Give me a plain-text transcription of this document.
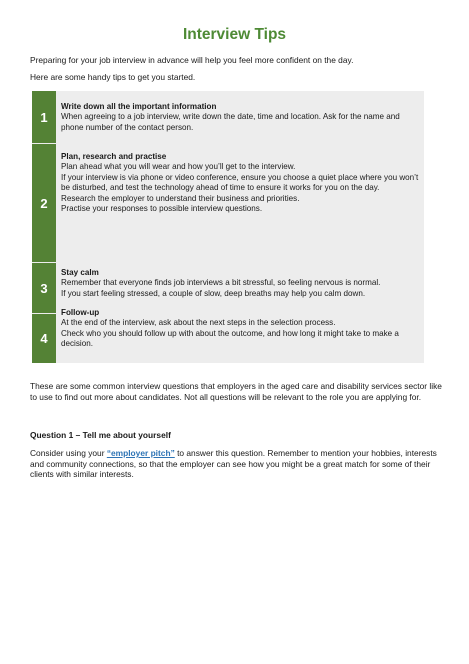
Interview Tips

Preparing for your job interview in advance will help you feel more confident on the day.

Here are some handy tips to get you started.

1
Write down all the important information
When agreeing to a job interview, write down the date, time and location. Ask for the name and phone number of the contact person.
2
Plan, research and practise
Plan ahead what you will wear and how you’ll get to the interview.
If your interview is via phone or video conference, ensure you choose a quiet place where you won’t be disturbed, and test the technology ahead of time to ensure it works for you on the day.
Research the employer to understand their business and priorities.
Practise your responses to possible interview questions.
3
Stay calm
Remember that everyone finds job interviews a bit stressful, so feeling nervous is normal.
If you start feeling stressed, a couple of slow, deep breaths may help you calm down.
4
Follow-up
At the end of the interview, ask about the next steps in the selection process.
Check who you should follow up with about the outcome, and how long it might take to make a decision.

These are some common interview questions that employers in the aged care and disability services sector like to use to find out more about candidates. Not all questions will be relevant to the role you are applying for.

Question 1 – Tell me about yourself

Consider using your “employer pitch” to answer this question. Remember to mention your hobbies, interests and community connections, so that the employer can see how you might be a great match for some of their clients with similar interests.
